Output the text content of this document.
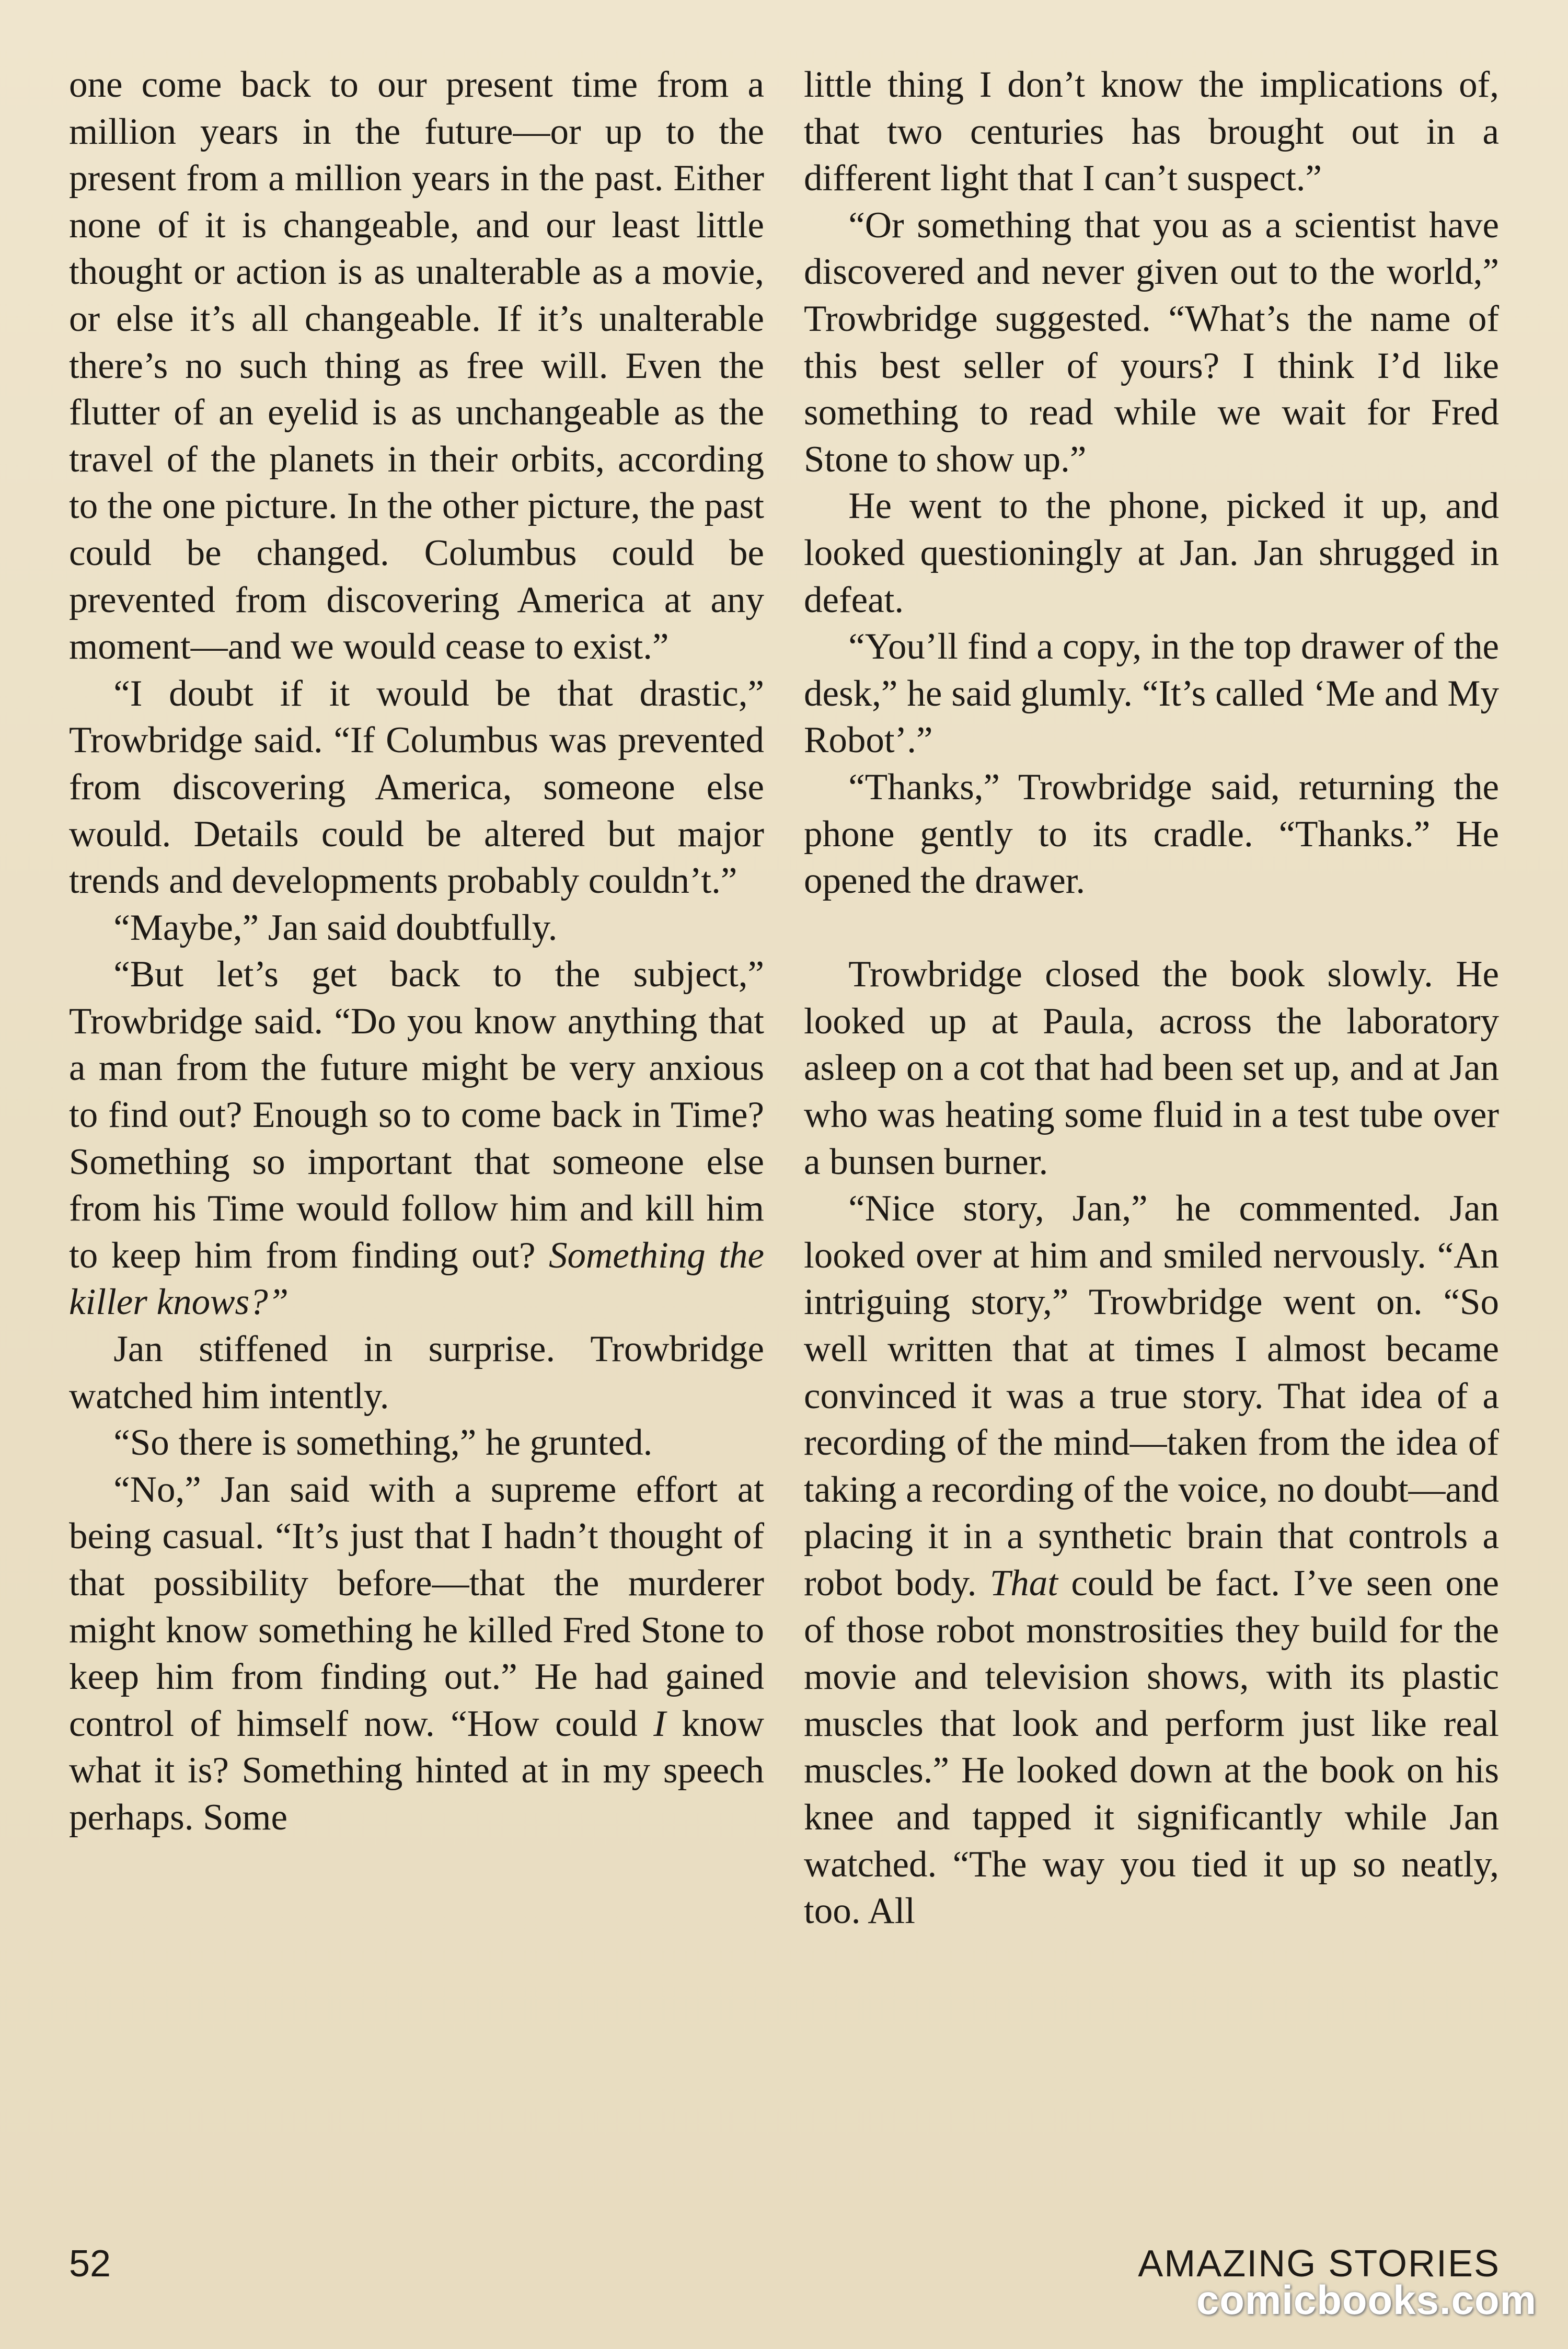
one come back to our present time from a million years in the future—or up to the present from a million years in the past. Either none of it is changeable, and our least little thought or action is as unalterable as a movie, or else it’s all changeable. If it’s unalterable there’s no such thing as free will. Even the flutter of an eyelid is as unchangeable as the travel of the planets in their orbits, according to the one picture. In the other picture, the past could be changed. Columbus could be prevented from discovering America at any moment—and we would cease to exist.”

“I doubt if it would be that drastic,” Trowbridge said. “If Columbus was prevented from discovering America, someone else would. Details could be altered but major trends and developments probably couldn’t.”

“Maybe,” Jan said doubtfully.

“But let’s get back to the subject,” Trowbridge said. “Do you know anything that a man from the future might be very anxious to find out? Enough so to come back in Time? Something so important that someone else from his Time would follow him and kill him to keep him from finding out? Something the killer knows?”

Jan stiffened in surprise. Trowbridge watched him intently.

“So there is something,” he grunted.

“No,” Jan said with a supreme effort at being casual. “It’s just that I hadn’t thought of that possibility before—that the murderer might know something he killed Fred Stone to keep him from finding out.” He had gained control of himself now. “How could I know what it is? Something hinted at in my speech perhaps. Some

little thing I don’t know the implications of, that two centuries has brought out in a different light that I can’t suspect.”

“Or something that you as a scientist have discovered and never given out to the world,” Trowbridge suggested. “What’s the name of this best seller of yours? I think I’d like something to read while we wait for Fred Stone to show up.”

He went to the phone, picked it up, and looked questioningly at Jan. Jan shrugged in defeat.

“You’ll find a copy, in the top drawer of the desk,” he said glumly. “It’s called ‘Me and My Robot’.”

“Thanks,” Trowbridge said, returning the phone gently to its cradle. “Thanks.” He opened the drawer.

Trowbridge closed the book slowly. He looked up at Paula, across the laboratory asleep on a cot that had been set up, and at Jan who was heating some fluid in a test tube over a bunsen burner.

“Nice story, Jan,” he commented. Jan looked over at him and smiled nervously. “An intriguing story,” Trowbridge went on. “So well written that at times I almost became convinced it was a true story. That idea of a recording of the mind—taken from the idea of taking a recording of the voice, no doubt—and placing it in a synthetic brain that controls a robot body. That could be fact. I’ve seen one of those robot monstrosities they build for the movie and television shows, with its plastic muscles that look and perform just like real muscles.” He looked down at the book on his knee and tapped it significantly while Jan watched. “The way you tied it up so neatly, too. All

52	AMAZING STORIES
comicbooks.com
